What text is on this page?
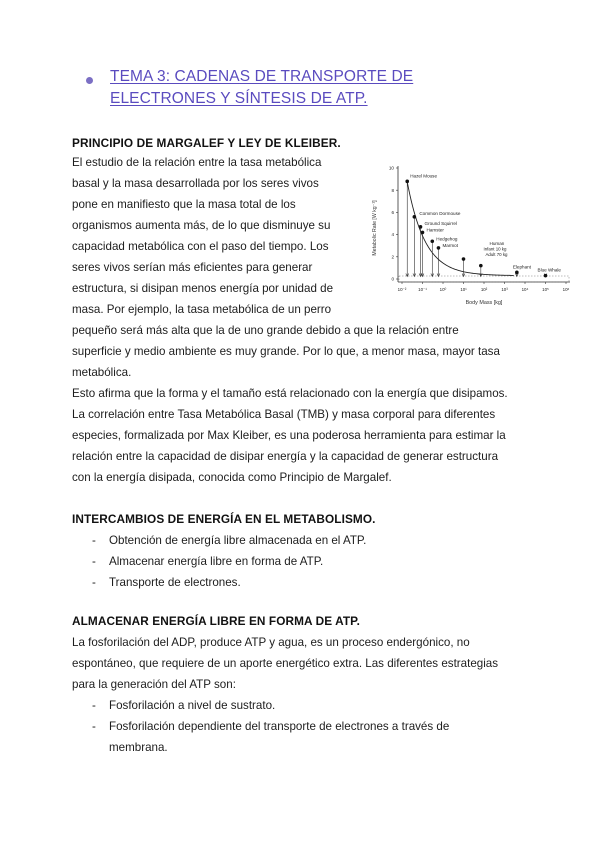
TEMA 3: CADENAS DE TRANSPORTE DE ELECTRONES Y SÍNTESIS DE ATP.
PRINCIPIO DE MARGALEF Y LEY DE KLEIBER.
El estudio de la relación entre la tasa metabólica
basal y la masa desarrollada por los seres vivos
pone en manifiesto que la masa total de los
organismos aumenta más, de lo que disminuye su
capacidad metabólica con el paso del tiempo. Los
seres vivos serían más eficientes para generar
estructura, si disipan menos energía por unidad de
masa. Por ejemplo, la tasa metabólica de un perro
pequeño será más alta que la de uno grande debido a que la relación entre
superficie y medio ambiente es muy grande. Por lo que, a menor masa, mayor tasa
metabólica.
Esto afirma que la forma y el tamaño está relacionado con la energía que disipamos.
La correlación entre Tasa Metabólica Basal (TMB) y masa corporal para diferentes
especies, formalizada por Max Kleiber, es una poderosa herramienta para estimar la
relación entre la capacidad de disipar energía y la capacidad de generar estructura
con la energía disipada, conocida como Principio de Margalef.
Metabolic Rate [W kg⁻¹]
Body Mass [kg]
0
2
4
6
8
10
10⁻²	10⁻¹	10⁰	10¹	10²	10³	10⁴	10⁵	10⁶
Hazel Mouse
Common Dormouse
Ground Squirrel
Hamster
Hedgehog
Marmot	Human
Infant 10 kg
Adult 70 kg
Elephant
Blue Whale
INTERCAMBIOS DE ENERGÍA EN EL METABOLISMO.
- Obtención de energía libre almacenada en el ATP.
- Almacenar energía libre en forma de ATP.
- Transporte de electrones.
ALMACENAR ENERGÍA LIBRE EN FORMA DE ATP.
La fosforilación del ADP, produce ATP y agua, es un proceso endergónico, no
espontáneo, que requiere de un aporte energético extra. Las diferentes estrategias
para la generación del ATP son:
- Fosforilación a nivel de sustrato.
- Fosforilación dependiente del transporte de electrones a través de
membrana.
